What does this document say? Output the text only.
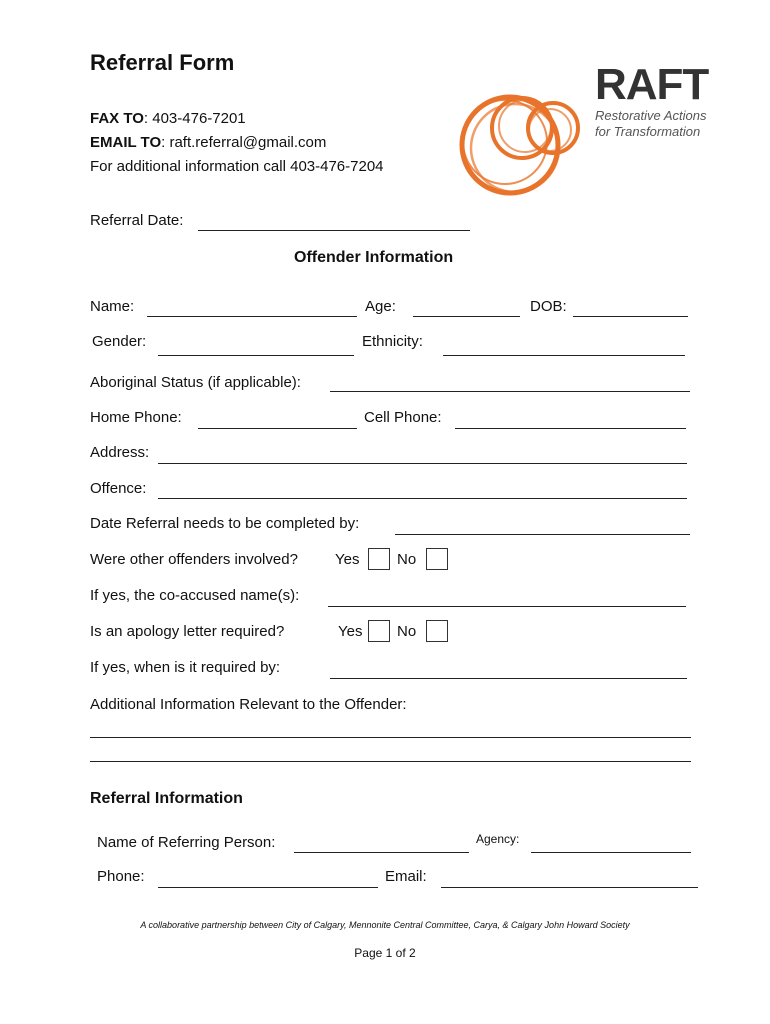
Referral Form
FAX TO: 403-476-7201
EMAIL TO: raft.referral@gmail.com
For additional information call 403-476-7204
RAFT
Restorative Actions
for Transformation
Referral Date:
Offender Information
Name:	Age:	DOB:
Gender:	Ethnicity:
Aboriginal Status (if applicable):
Home Phone:	Cell Phone:
Address:
Offence:
Date Referral needs to be completed by:
Were other offenders involved? Yes	No
If yes, the co-accused name(s):
Is an apology letter required?	Yes No
If yes, when is it required by:
Additional Information Relevant to the Offender:
Referral Information
Name of Referring Person:	Agency:
Phone:	Email:
A collaborative partnership between City of Calgary, Mennonite Central Committee, Carya, & Calgary John Howard Society
Page 1 of 2
